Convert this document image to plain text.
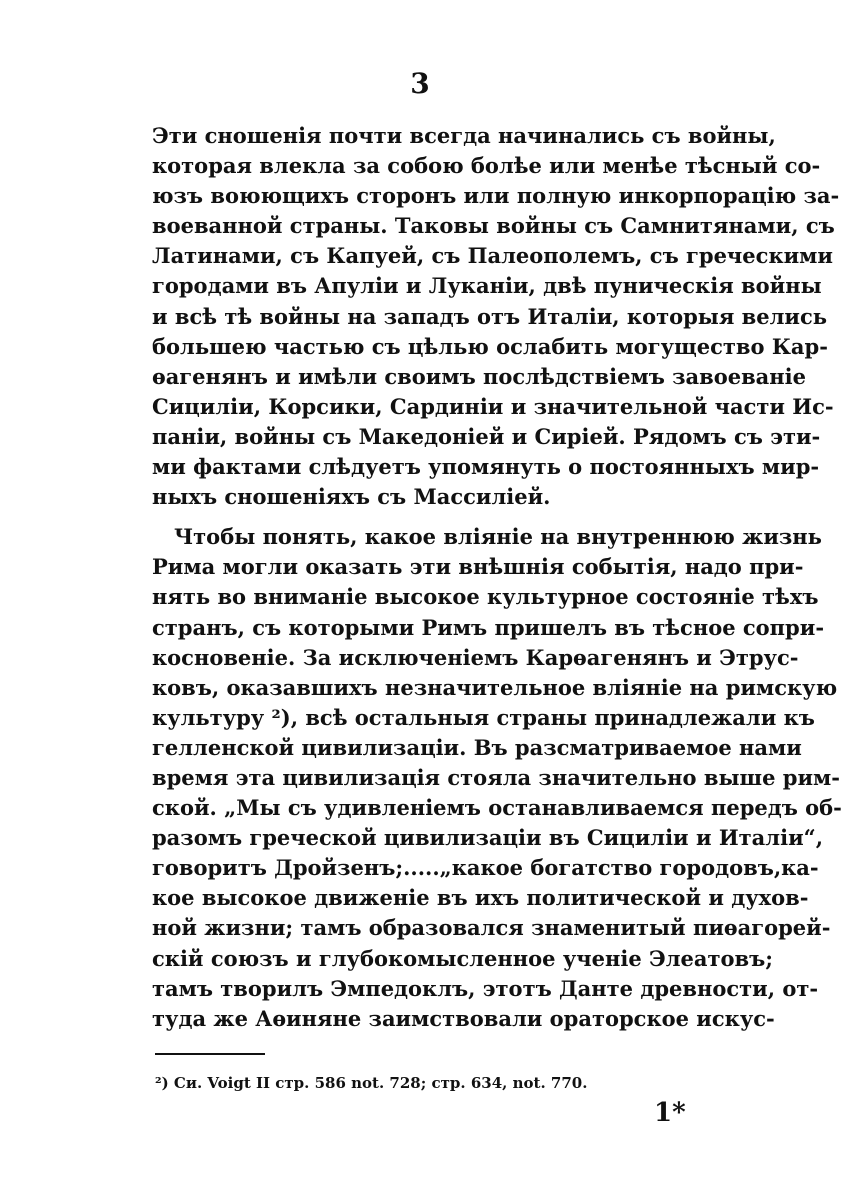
3
Эти сношенія почти всегда начинались съ войны,
которая влекла за собою болѣе или менѣе тѣсный со-
юзъ воюющихъ сторонъ или полную инкорпорацію за-
воеванной страны. Таковы войны съ Самнитянами, съ
Латинами, съ Капуей, съ Палеополемъ, съ греческими
городами въ Апуліи и Луканіи, двѣ пуническія войны
и всѣ тѣ войны на западъ отъ Италіи, которыя велись
большею частью съ цѣлью ослабить могущество Кар-
ѳагенянъ и имѣли своимъ послѣдствіемъ завоеваніе
Сициліи, Корсики, Сардиніи и значительной части Ис-
паніи, войны съ Македоніей и Сиріей. Рядомъ съ эти-
ми фактами слѣдуетъ упомянуть о постоянныхъ мир-
ныхъ сношеніяхъ съ Массиліей.
Чтобы понять, какое вліяніе на внутреннюю жизнь
Рима могли оказать эти внѣшнія событія, надо при-
нять во вниманіе высокое культурное состояніе тѣхъ
странъ, съ которыми Римъ пришелъ въ тѣсное сопри-
косновеніе. За исключеніемъ Карѳагенянъ и Этрус-
ковъ, оказавшихъ незначительное вліяніе на римскую
культуру ²), всѣ остальныя страны принадлежали къ
гелленской цивилизаціи. Въ разсматриваемое нами
время эта цивилизація стояла значительно выше рим-
ской. „Мы съ удивленіемъ останавливаемся передъ об-
разомъ греческой цивилизаціи въ Сициліи и Италіи“,
говоритъ Дройзенъ;.....„какое богатство городовъ,ка-
кое высокое движеніе въ ихъ политической и духов-
ной жизни; тамъ образовался знаменитый пиѳагорей-
скій союзъ и глубокомысленное ученіе Элеатовъ;
тамъ творилъ Эмпедоклъ, этотъ Данте древности, от-
туда же Аѳиняне заимствовали ораторское искус-
²) Си. Voigt II стр. 586 not. 728; стр. 634, not. 770.
1*
